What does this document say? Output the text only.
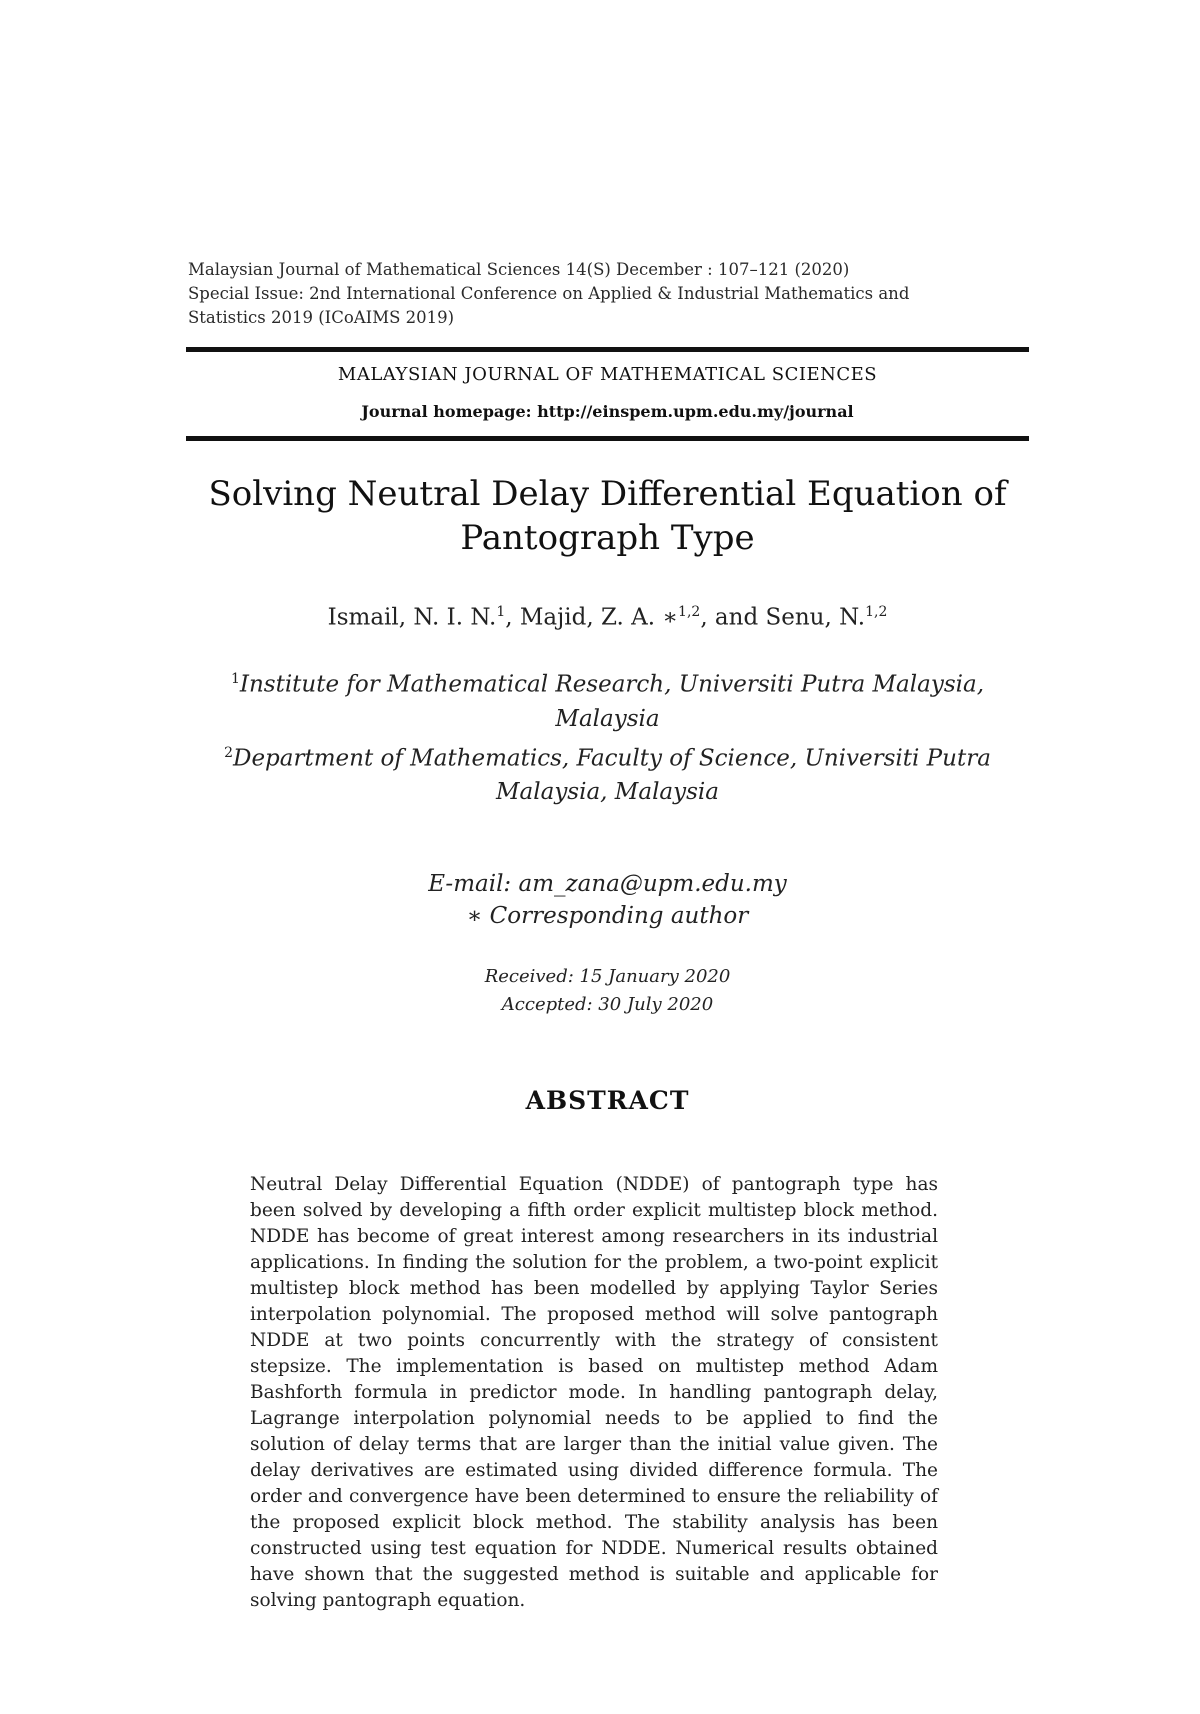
Malaysian Journal of Mathematical Sciences 14(S) December : 107–121 (2020)
Special Issue: 2nd International Conference on Applied & Industrial Mathematics and
Statistics 2019 (ICoAIMS 2019)
MALAYSIAN JOURNAL OF MATHEMATICAL SCIENCES
Journal homepage: http://einspem.upm.edu.my/journal
Solving Neutral Delay Differential Equation of
Pantograph Type
Ismail, N. I. N.$^1$, Majid, Z. A. ∗$^{1,2}$, and Senu, N.$^{1,2}$
$^1$Institute for Mathematical Research, Universiti Putra Malaysia,
Malaysia
$^2$Department of Mathematics, Faculty of Science, Universiti Putra
Malaysia, Malaysia
E-mail: am_zana@upm.edu.my
∗ Corresponding author
Received: 15 January 2020
Accepted: 30 July 2020
ABSTRACT
Neutral Delay Differential Equation (NDDE) of pantograph type has been solved by developing a fifth order explicit multistep block method. NDDE has become of great interest among researchers in its industrial applications. In finding the solution for the problem, a two-point explicit multistep block method has been modelled by applying Taylor Series interpolation polynomial. The proposed method will solve pantograph NDDE at two points concurrently with the strategy of consistent stepsize. The implementation is based on multistep method Adam Bashforth formula in predictor mode. In handling pantograph delay, Lagrange interpolation polynomial needs to be applied to find the solution of delay terms that are larger than the initial value given. The delay derivatives are estimated using divided difference formula. The order and convergence have been determined to ensure the reliability of the proposed explicit block method. The stability analysis has been constructed using test equation for NDDE. Numerical results obtained have shown that the suggested method is suitable and applicable for solving pantograph equation.
